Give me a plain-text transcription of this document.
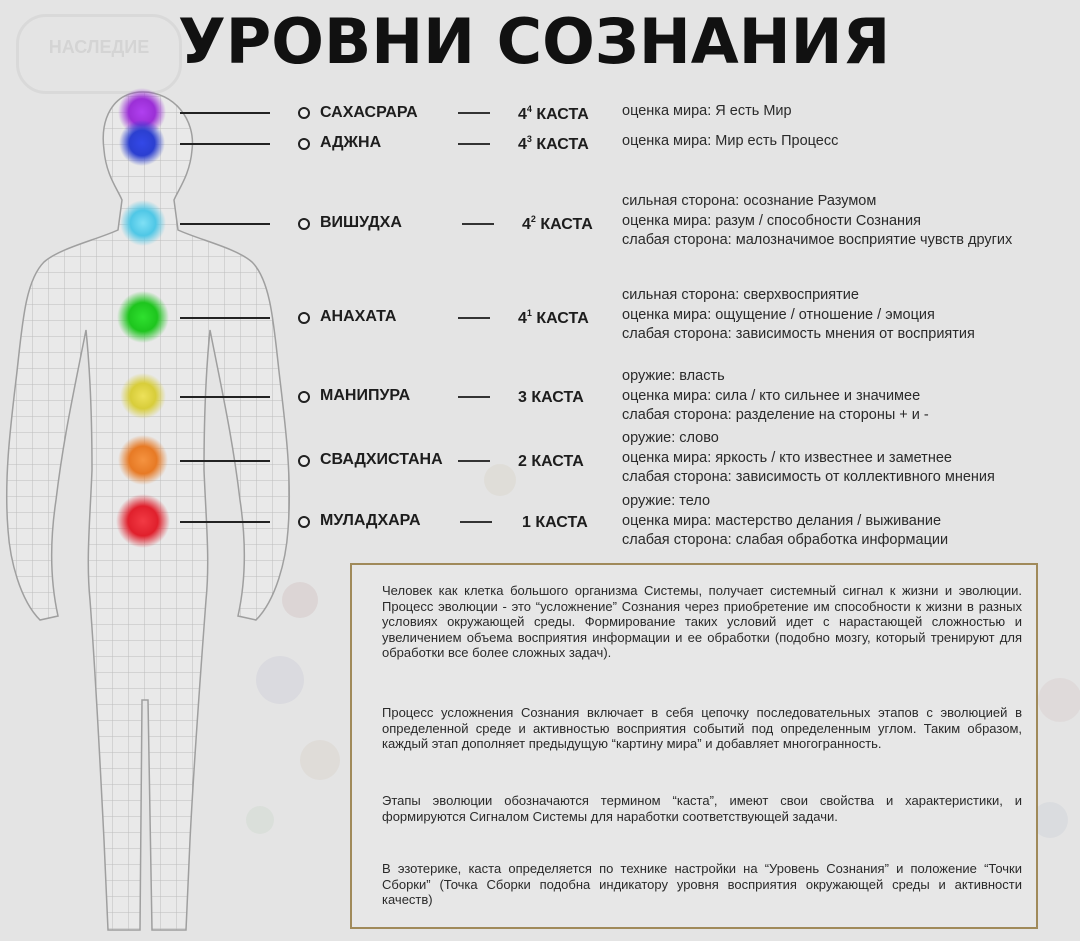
НАСЛЕДИЕ УРОВНИ СОЗНАНИЯ
САХАСРАРА	$4^4$ КАСТА оценка мира: Я есть Мир
АДЖНА	$4^3$ КАСТА оценка мира: Мир есть Процесс
ВИШУДХА	$4^2$ КАСТА
сильная сторона: осознание Разумом
оценка мира: разум / способности Сознания
слабая сторона: малозначимое восприятие чувств других
АНАХАТА	$4^1$ КАСТА
сильная сторона: сверхвосприятие
оценка мира: ощущение / отношение / эмоция
слабая сторона: зависимость мнения от восприятия
МАНИПУРА	3 КАСТА
оружие: власть
оценка мира: сила / кто сильнее и значимее
слабая сторона: разделение на стороны + и -
СВАДХИСТАНА	2 КАСТА
оружие: слово
оценка мира: яркость / кто известнее и заметнее
слабая сторона: зависимость от коллективного мнения
МУЛАДХАРА	1 КАСТА
оружие: тело
оценка мира: мастерство делания / выживание
слабая сторона: слабая обработка информации
Человек как клетка большого организма Системы, получает системный сигнал к жизни и эволюции. Процесс эволюции - это “усложнение” Сознания через приобретение им способности к жизни в разных условиях окружающей среды. Формирование таких условий идет с нарастающей сложностью и увеличением объема восприятия информации и ее обработки (подобно мозгу, который тренируют для обработки все более сложных задач).
Процесс усложнения Сознания включает в себя цепочку последовательных этапов с эволюцией в определенной среде и активностью восприятия событий под определенным углом. Таким образом, каждый этап дополняет предыдущую “картину мира” и добавляет многогранность.
Этапы эволюции обозначаются термином “каста”, имеют свои свойства и характеристики, и формируются Сигналом Системы для наработки соответствующей задачи.
В эзотерике, каста определяется по технике настройки на “Уровень Сознания” и положение “Точки Сборки” (Точка Сборки подобна индикатору уровня восприятия окружающей среды и активности качеств)
